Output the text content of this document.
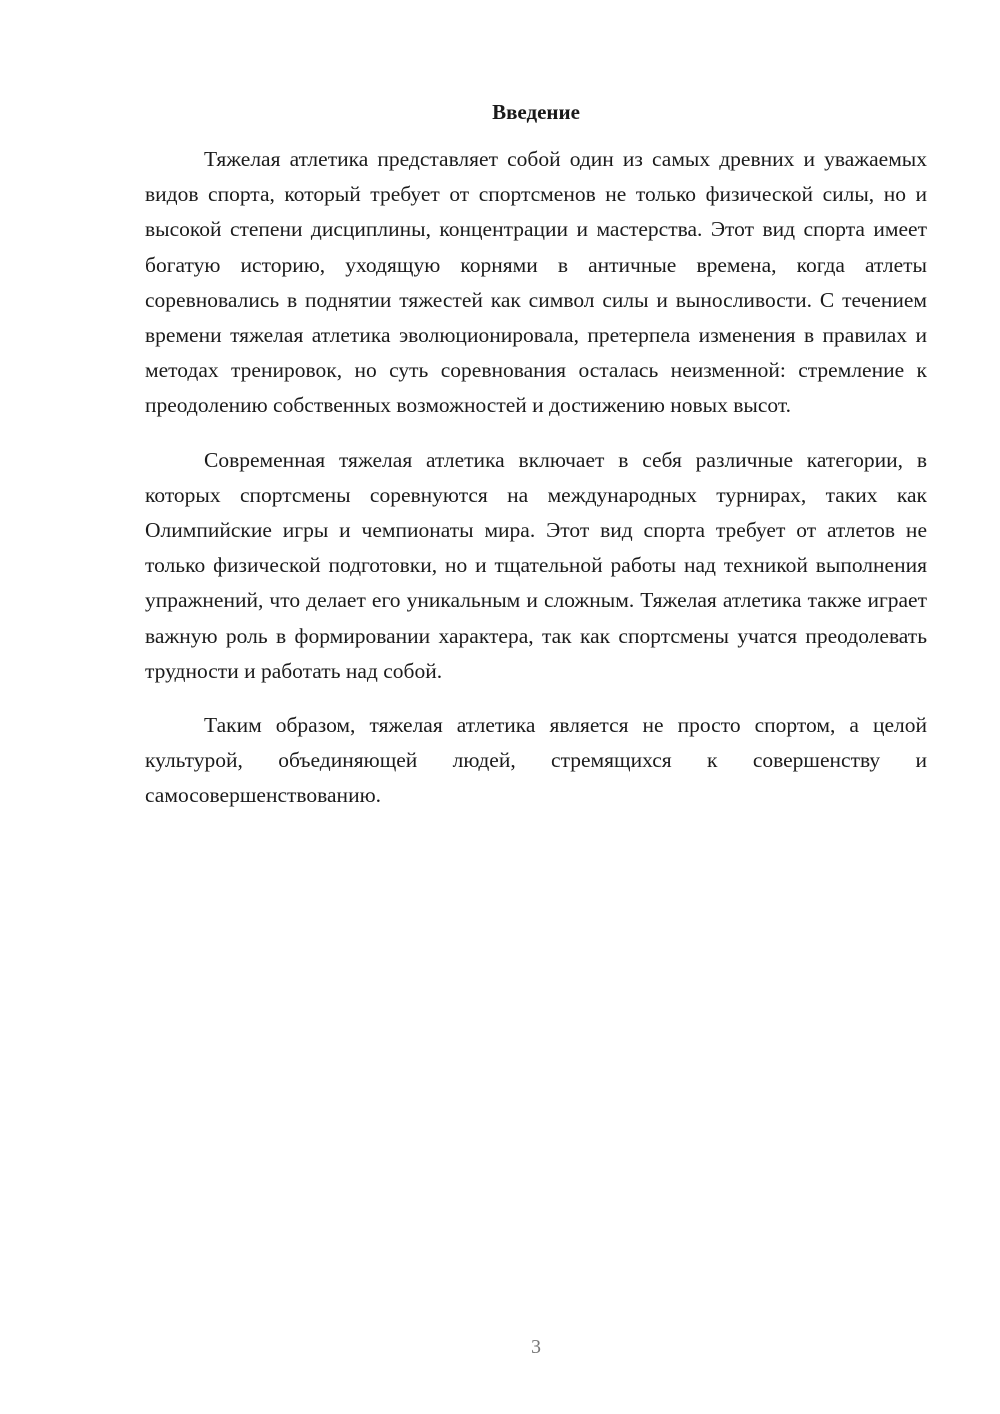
Введение

Тяжелая атлетика представляет собой один из самых древних и уважаемых видов спорта, который требует от спортсменов не только физической силы, но и высокой степени дисциплины, концентрации и мастерства. Этот вид спорта имеет богатую историю, уходящую корнями в античные времена, когда атлеты соревновались в поднятии тяжестей как символ силы и выносливости. С течением времени тяжелая атлетика эволюционировала, претерпела изменения в правилах и методах тренировок, но суть соревнования осталась неизменной: стремление к преодолению собственных возможностей и достижению новых высот.

Современная тяжелая атлетика включает в себя различные категории, в которых спортсмены соревнуются на международных турнирах, таких как Олимпийские игры и чемпионаты мира. Этот вид спорта требует от атлетов не только физической подготовки, но и тщательной работы над техникой выполнения упражнений, что делает его уникальным и сложным. Тяжелая атлетика также играет важную роль в формировании характера, так как спортсмены учатся преодолевать трудности и работать над собой.

Таким образом, тяжелая атлетика является не просто спортом, а целой культурой, объединяющей людей, стремящихся к совершенству и самосовершенствованию.

3
